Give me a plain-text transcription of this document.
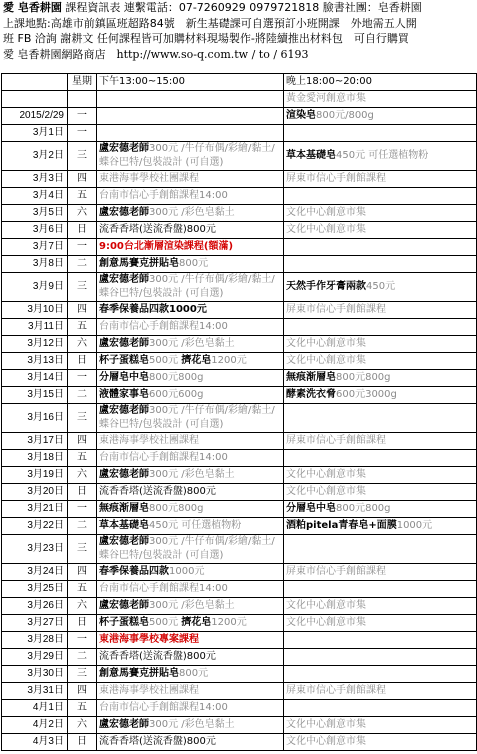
愛 皂香耕園 課程資訊表 連繫電話：07-7260929 0979721818 臉書社團：皂香耕園
上課地點:高雄市前鎮區班超路84號　新生基礎課可自選預訂小班開課　外地需五人開
班 FB 洽詢 謝耕文 任何課程皆可加購材料現場製作-將陸續推出材料包　可自行購買
愛 皂香耕園網路商店　http://www.so-q.com.tw / to / 6193
	星期	下午13:00~15:00	晚上18:00~20:00
			黃金愛河創意市集
2015/2/29	一		渲染皂800元/800g
3月1日	一		
3月2日	三	盧宏德老師300元 /牛仔布偶/彩繪/黏土/蝶谷巴特/包裝設計 (可自選)	草本基礎皂450元 可任選植物粉
3月3日	四	東港海事學校社團課程	屏東市信心手創館課程
3月4日	五	台南市信心手創館課程14:00	
3月5日	六	盧宏德老師300元 /彩色皂黏土	文化中心創意市集
3月6日	日	流香香塔(送流香盤)800元	文化中心創意市集
3月7日	一	9:00台北漸層渲染課程(額滿)	
3月8日	二	創意馬賽克拼貼皂800元	
3月9日	三	盧宏德老師300元 /牛仔布偶/彩繪/黏土/蝶谷巴特/包裝設計 (可自選)	天然手作牙膏兩款450元
3月10日	四	春季保養品四款1000元	屏東市信心手創館課程
3月11日	五	台南市信心手創館課程14:00	
3月12日	六	盧宏德老師300元 /彩色皂黏土	文化中心創意市集
3月13日	日	杯子蛋糕皂500元 擠花皂1200元	文化中心創意市集
3月14日	一	分層皂中皂800元800g	無痕渐層皂800元800g
3月15日	二	液體家事皂600元600g	酵素洗衣脅600元3000g
3月16日	三	盧宏德老師300元 /牛仔布偶/彩繪/黏土/蝶谷巴特/包裝設計 (可自選)	
3月17日	四	東港海事學校社團課程	屏東市信心手創館課程
3月18日	五	台南市信心手創館課程14:00	
3月19日	六	盧宏德老師300元 /彩色皂黏土	文化中心創意市集
3月20日	日	流香香塔(送流香盤)800元	文化中心創意市集
3月21日	一	無痕渐層皂800元800g	分層皂中皂800元800g
3月22日	二	草本基礎皂450元 可任選植物粉	酒粕pitela青春皂+面膜1000元
3月23日	三	盧宏德老師300元 /牛仔布偶/彩繪/黏土/蝶谷巴特/包裝設計 (可自選)	
3月24日	四	春季保養品四款1000元	屏東市信心手創館課程
3月25日	五	台南市信心手創館課程14:00	
3月26日	六	盧宏德老師300元 /彩色皂黏土	文化中心創意市集
3月27日	日	杯子蛋糕皂500元 擠花皂1200元	文化中心創意市集
3月28日	一	東港海事學校專案課程	
3月29日	二	流香香塔(送流香盤)800元	
3月30日	三	創意馬賽克拼貼皂800元	
3月31日	四	東港海事學校社團課程	屏東市信心手創館課程
4月1日	五	台南市信心手創館課程14:00	
4月2日	六	盧宏德老師300元 /彩色皂黏土	文化中心創意市集
4月3日	日	流香香塔(送流香盤)800元	文化中心創意市集
